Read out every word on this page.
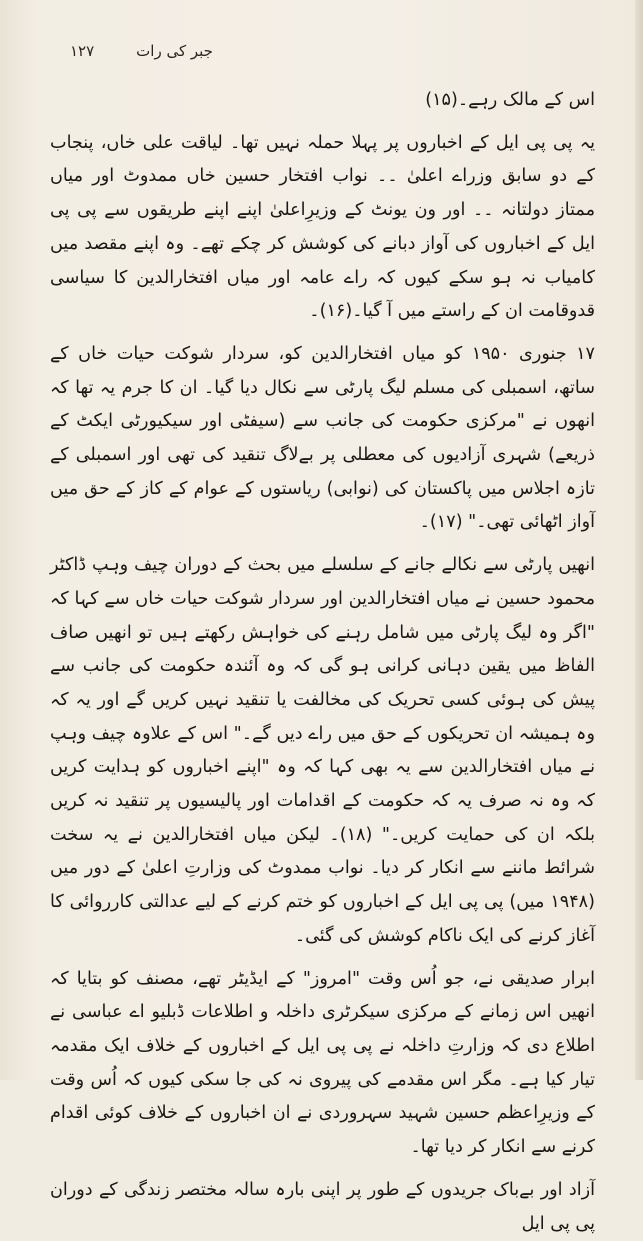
۱۲۷	جبر کی رات

اس کے مالک رہے۔(۱۵)

یہ پی پی ایل کے اخباروں پر پہلا حملہ نہیں تھا۔ لیاقت علی خاں، پنجاب کے دو سابق وزراے اعلیٰ ۔۔ نواب افتخار حسین خاں ممدوٹ اور میاں ممتاز دولتانہ ۔۔ اور ون یونٹ کے وزیرِاعلیٰ اپنے اپنے طریقوں سے پی پی ایل کے اخباروں کی آواز دبانے کی کوشش کر چکے تھے۔ وہ اپنے مقصد میں کامیاب نہ ہو سکے کیوں کہ راے عامہ اور میاں افتخارالدین کا سیاسی قدوقامت ان کے راستے میں آ گیا۔(۱۶)۔

۱۷ جنوری ۱۹۵۰ کو میاں افتخارالدین کو، سردار شوکت حیات خاں کے ساتھ، اسمبلی کی مسلم لیگ پارٹی سے نکال دیا گیا۔ ان کا جرم یہ تھا کہ انھوں نے "مرکزی حکومت کی جانب سے (سیفٹی اور سیکیورٹی ایکٹ کے ذریعے) شہری آزادیوں کی معطلی پر بےلاگ تنقید کی تھی اور اسمبلی کے تازہ اجلاس میں پاکستان کی (نوابی) ریاستوں کے عوام کے کاز کے حق میں آواز اٹھائی تھی۔" (۱۷)۔

انھیں پارٹی سے نکالے جانے کے سلسلے میں بحث کے دوران چیف وہپ ڈاکٹر محمود حسین نے میاں افتخارالدین اور سردار شوکت حیات خاں سے کہا کہ "اگر وہ لیگ پارٹی میں شامل رہنے کی خواہش رکھتے ہیں تو انھیں صاف الفاظ میں یقین دہانی کرانی ہو گی کہ وہ آئندہ حکومت کی جانب سے پیش کی ہوئی کسی تحریک کی مخالفت یا تنقید نہیں کریں گے اور یہ کہ وہ ہمیشہ ان تحریکوں کے حق میں راے دیں گے۔" اس کے علاوہ چیف وہپ نے میاں افتخارالدین سے یہ بھی کہا کہ وہ "اپنے اخباروں کو ہدایت کریں کہ وہ نہ صرف یہ کہ حکومت کے اقدامات اور پالیسیوں پر تنقید نہ کریں بلکہ ان کی حمایت کریں۔" (۱۸)۔ لیکن میاں افتخارالدین نے یہ سخت شرائط ماننے سے انکار کر دیا۔ نواب ممدوٹ کی وزارتِ اعلیٰ کے دور میں (۱۹۴۸ میں) پی پی ایل کے اخباروں کو ختم کرنے کے لیے عدالتی کارروائی کا آغاز کرنے کی ایک ناکام کوشش کی گئی۔

ابرار صدیقی نے، جو اُس وقت "امروز" کے ایڈیٹر تھے، مصنف کو بتایا کہ انھیں اس زمانے کے مرکزی سیکرٹری داخلہ و اطلاعات ڈبلیو اے عباسی نے اطلاع دی کہ وزارتِ داخلہ نے پی پی ایل کے اخباروں کے خلاف ایک مقدمہ تیار کیا ہے۔ مگر اس مقدمے کی پیروی نہ کی جا سکی کیوں کہ اُس وقت کے وزیرِاعظم حسین شہید سہروردی نے ان اخباروں کے خلاف کوئی اقدام کرنے سے انکار کر دیا تھا۔

آزاد اور بےباک جریدوں کے طور پر اپنی بارہ سالہ مختصر زندگی کے دوران پی پی ایل
